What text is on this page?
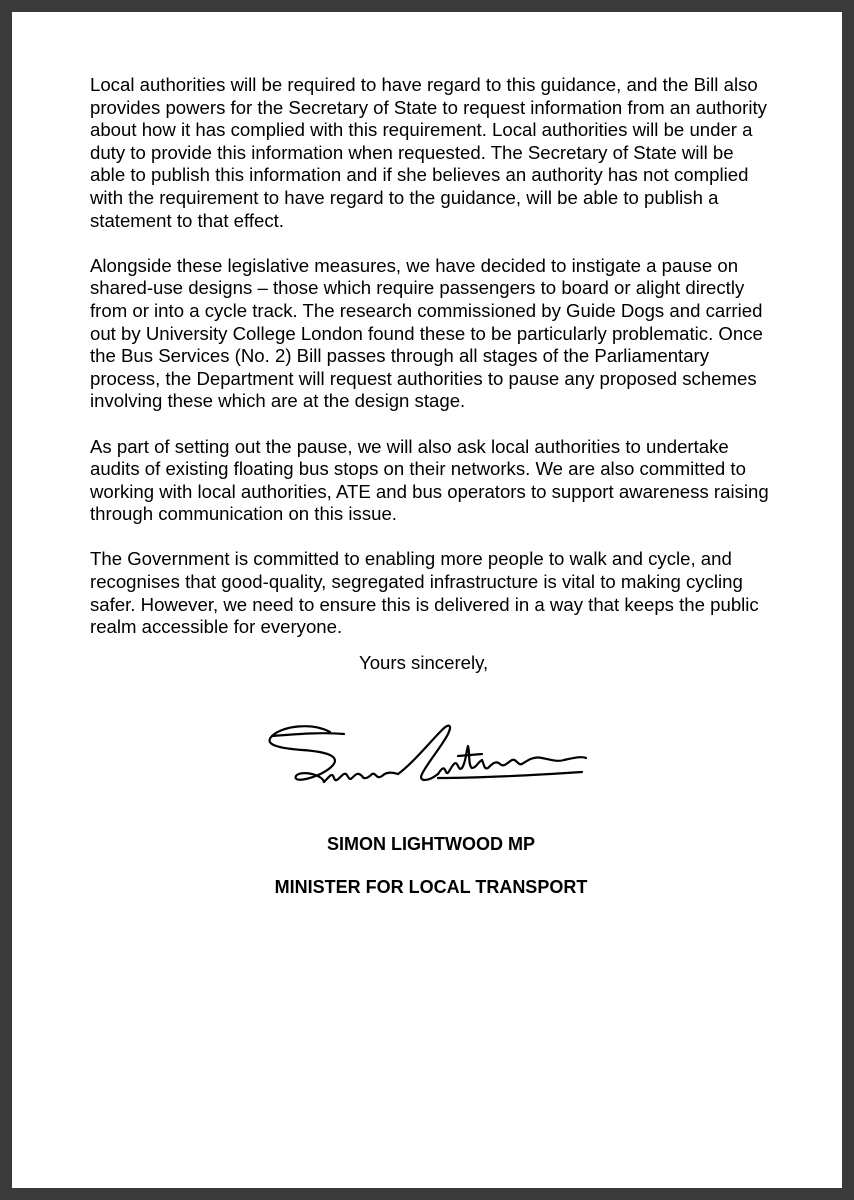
Local authorities will be required to have regard to this guidance, and the Bill also provides powers for the Secretary of State to request information from an authority about how it has complied with this requirement. Local authorities will be under a duty to provide this information when requested. The Secretary of State will be able to publish this information and if she believes an authority has not complied with the requirement to have regard to the guidance, will be able to publish a statement to that effect.

Alongside these legislative measures, we have decided to instigate a pause on shared-use designs – those which require passengers to board or alight directly from or into a cycle track. The research commissioned by Guide Dogs and carried out by University College London found these to be particularly problematic. Once the Bus Services (No. 2) Bill passes through all stages of the Parliamentary process, the Department will request authorities to pause any proposed schemes involving these which are at the design stage.

As part of setting out the pause, we will also ask local authorities to undertake audits of existing floating bus stops on their networks. We are also committed to working with local authorities, ATE and bus operators to support awareness raising through communication on this issue.

The Government is committed to enabling more people to walk and cycle, and recognises that good-quality, segregated infrastructure is vital to making cycling safer. However, we need to ensure this is delivered in a way that keeps the public realm accessible for everyone.

Yours sincerely,
SIMON LIGHTWOOD MP
MINISTER FOR LOCAL TRANSPORT
